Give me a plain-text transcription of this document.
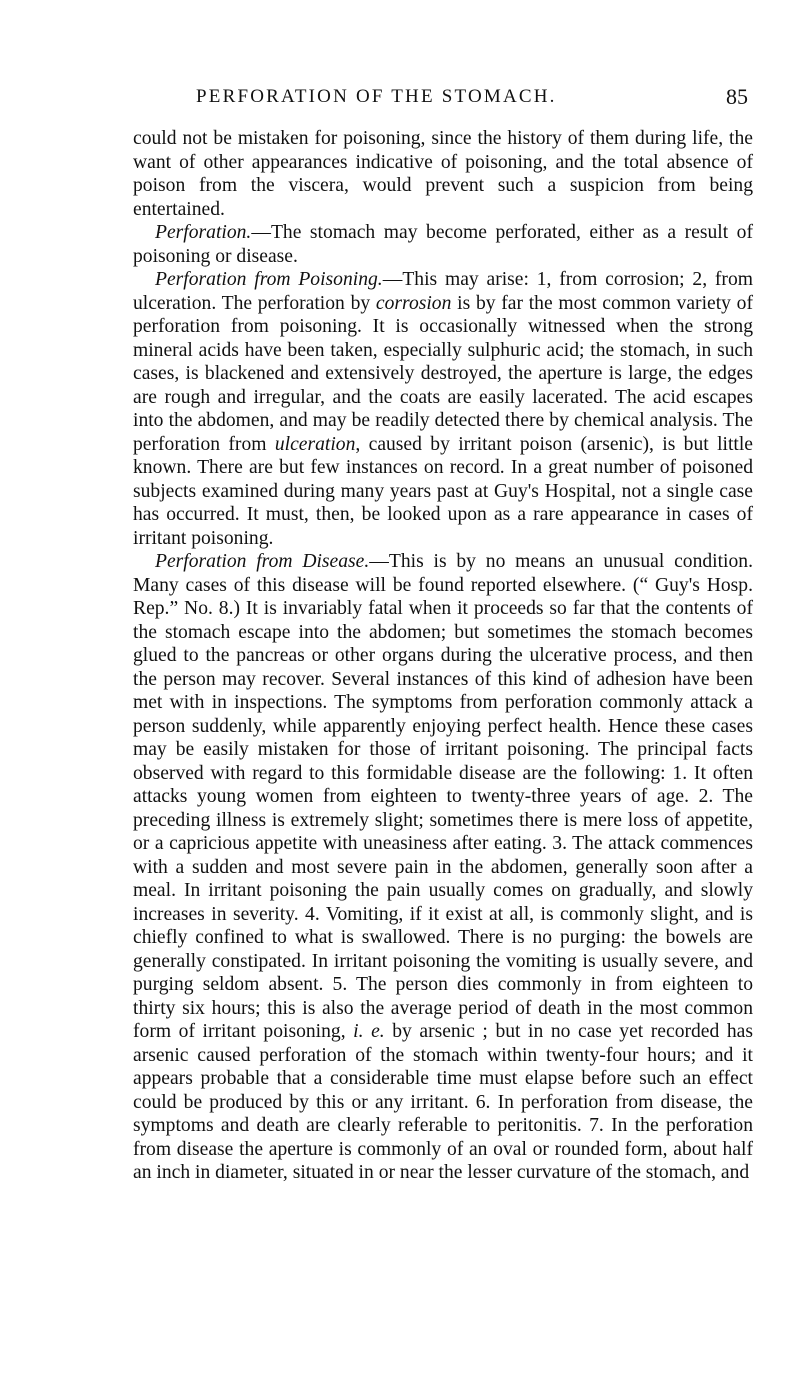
PERFORATION OF THE STOMACH.	85

could not be mistaken for poisoning, since the history of them during life, the want of other appearances indicative of poisoning, and the total absence of poison from the viscera, would prevent such a suspicion from being entertained.

Perforation.—The stomach may become perforated, either as a result of poisoning or disease.

Perforation from Poisoning.—This may arise: 1, from corrosion; 2, from ulceration. The perforation by corrosion is by far the most common variety of perforation from poisoning. It is occasionally witnessed when the strong mineral acids have been taken, especially sulphuric acid; the stomach, in such cases, is blackened and extensively destroyed, the aperture is large, the edges are rough and irregular, and the coats are easily lacerated. The acid escapes into the abdomen, and may be readily detected there by chemical analysis. The perforation from ulceration, caused by irritant poison (arsenic), is but little known. There are but few instances on record. In a great number of poisoned subjects examined during many years past at Guy's Hospital, not a single case has occurred. It must, then, be looked upon as a rare appearance in cases of irritant poisoning.

Perforation from Disease.—This is by no means an unusual condition. Many cases of this disease will be found reported elsewhere. (“ Guy's Hosp. Rep.” No. 8.) It is invariably fatal when it proceeds so far that the contents of the stomach escape into the abdomen; but sometimes the stomach becomes glued to the pancreas or other organs during the ulcerative process, and then the person may recover. Several instances of this kind of adhesion have been met with in inspections. The symptoms from perforation commonly attack a person suddenly, while apparently enjoying perfect health. Hence these cases may be easily mistaken for those of irritant poisoning. The principal facts observed with regard to this formidable disease are the following: 1. It often attacks young women from eighteen to twenty-three years of age. 2. The preceding illness is extremely slight; sometimes there is mere loss of appetite, or a capricious appetite with uneasiness after eating. 3. The attack commences with a sudden and most severe pain in the abdomen, generally soon after a meal. In irritant poisoning the pain usually comes on gradually, and slowly increases in severity. 4. Vomiting, if it exist at all, is commonly slight, and is chiefly confined to what is swallowed. There is no purging: the bowels are generally constipated. In irritant poisoning the vomiting is usually severe, and purging seldom absent. 5. The person dies commonly in from eighteen to thirty six hours; this is also the average period of death in the most common form of irritant poisoning, i. e. by arsenic ; but in no case yet recorded has arsenic caused perforation of the stomach within twenty-four hours; and it appears probable that a considerable time must elapse before such an effect could be produced by this or any irritant. 6. In perforation from disease, the symptoms and death are clearly referable to peritonitis. 7. In the perforation from disease the aperture is commonly of an oval or rounded form, about half an inch in diameter, situated in or near the lesser curvature of the stomach, and
